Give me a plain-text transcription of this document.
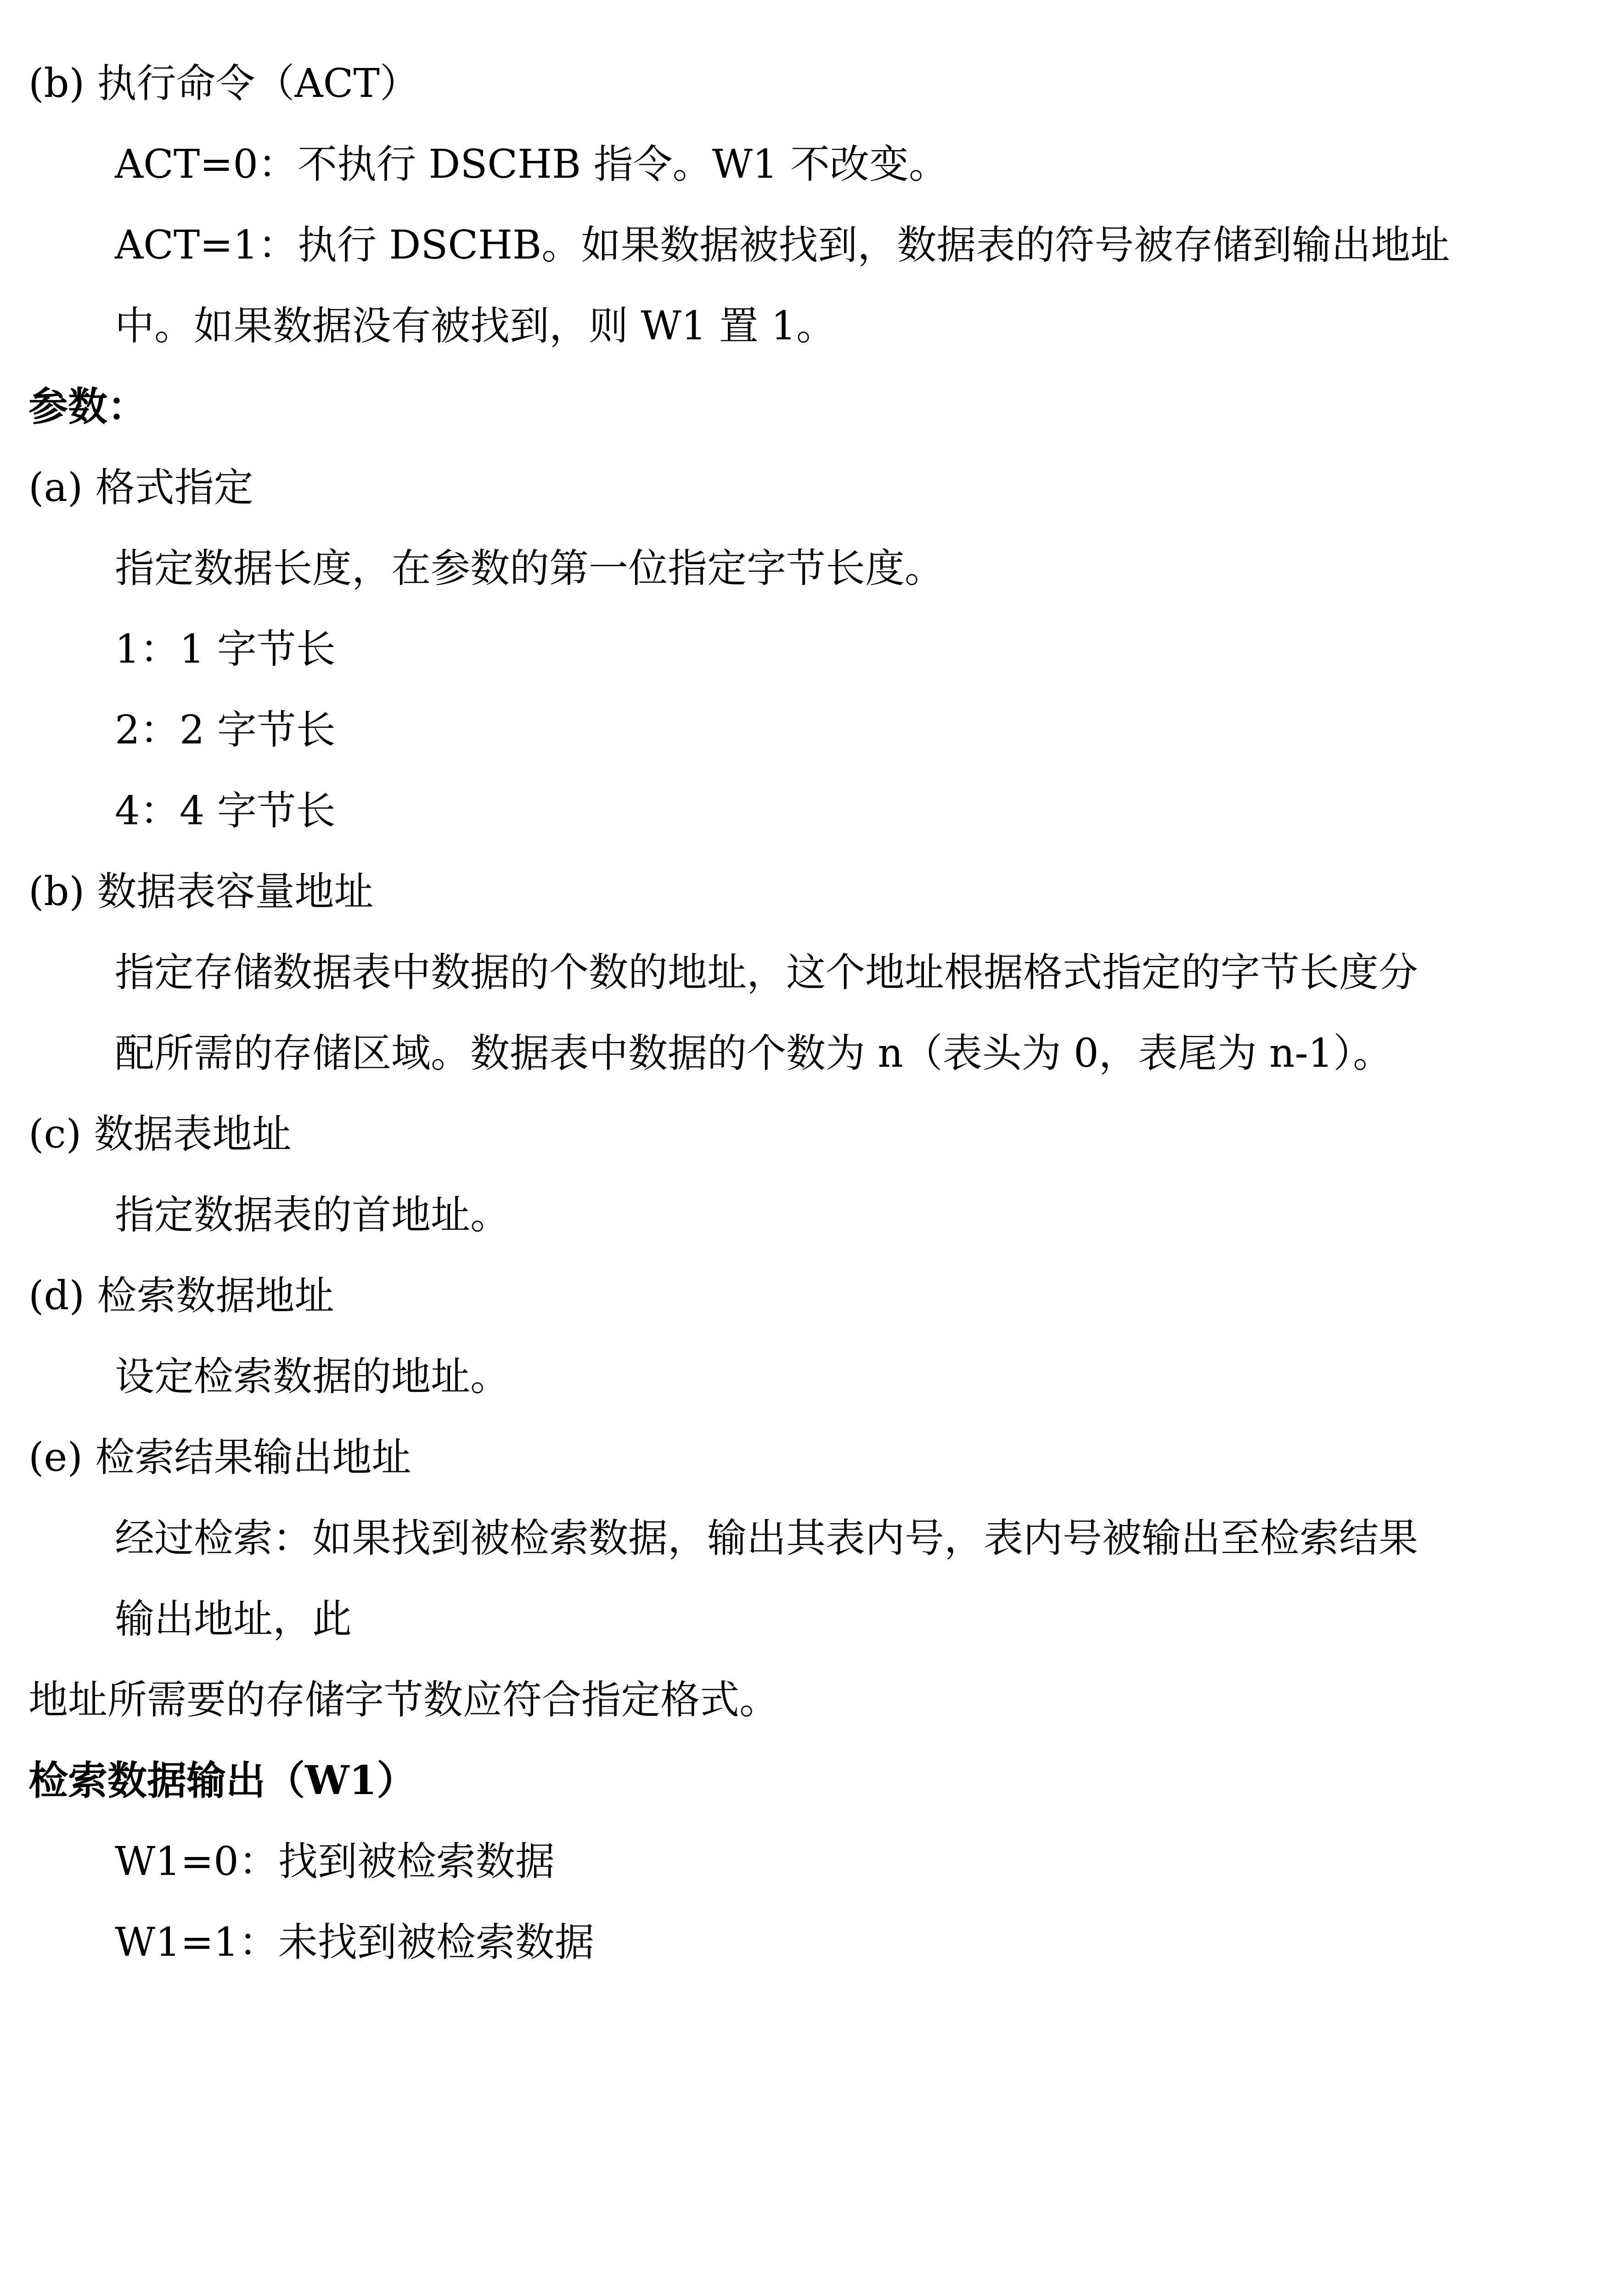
(b) 执行命令（ACT）
ACT=0：不执行 DSCHB 指令。W1 不改变。
ACT=1：执行 DSCHB。如果数据被找到，数据表的符号被存储到输出地址
中。如果数据没有被找到，则 W1 置 1。
参数：
(a) 格式指定
指定数据长度，在参数的第一位指定字节长度。
1：1 字节长
2：2 字节长
4：4 字节长
(b) 数据表容量地址
指定存储数据表中数据的个数的地址，这个地址根据格式指定的字节长度分
配所需的存储区域。数据表中数据的个数为 n（表头为 0，表尾为 n-1）。
(c) 数据表地址
指定数据表的首地址。
(d) 检索数据地址
设定检索数据的地址。
(e) 检索结果输出地址
经过检索：如果找到被检索数据，输出其表内号，表内号被输出至检索结果
输出地址，此
地址所需要的存储字节数应符合指定格式。
检索数据输出（W1）
W1=0：找到被检索数据
W1=1：未找到被检索数据
